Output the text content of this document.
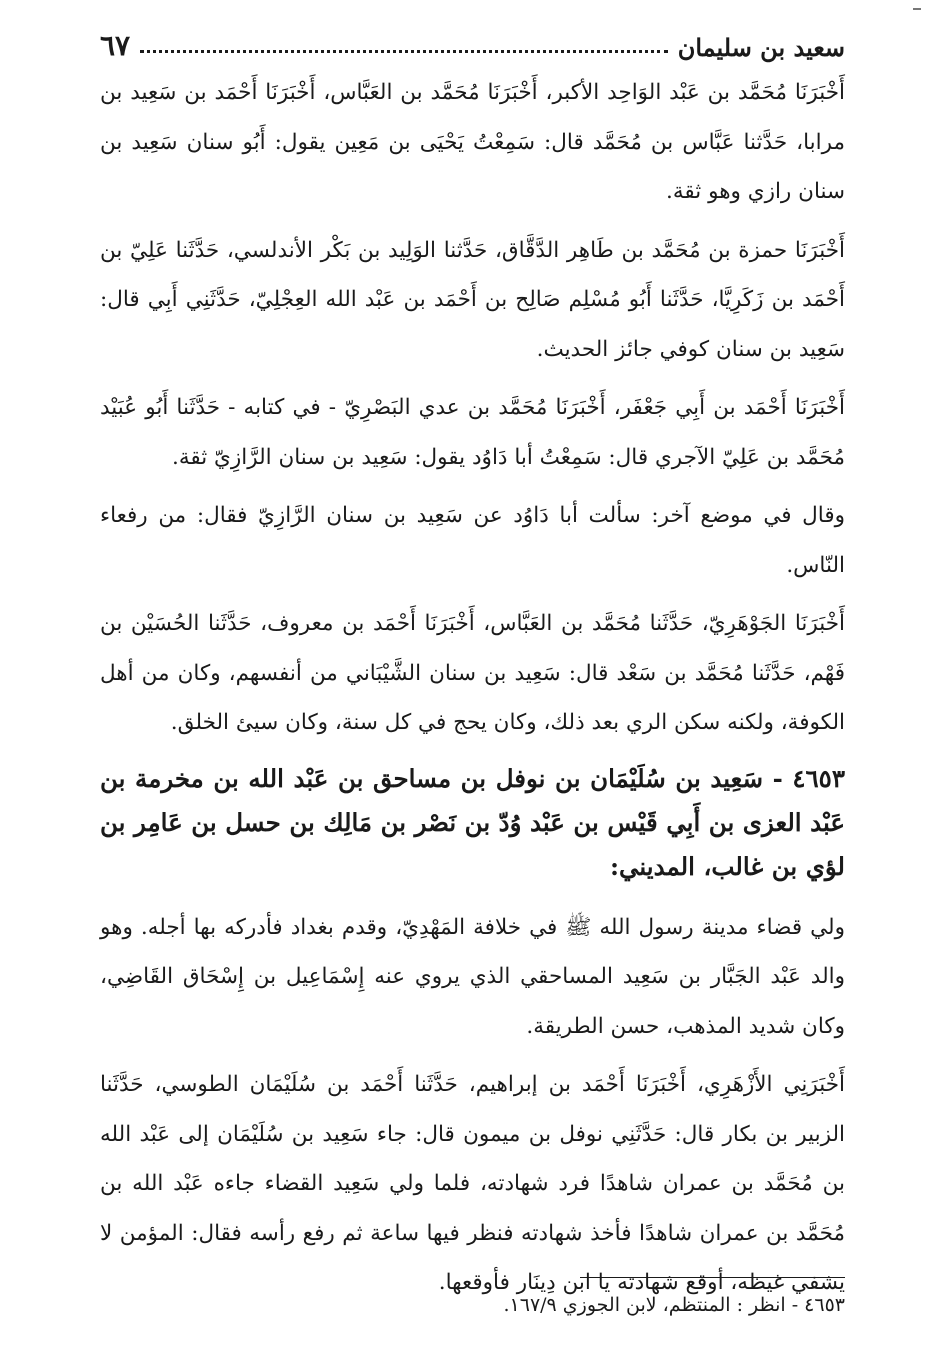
سعيد بن سليمان
٦٧

أَخْبَرَنَا مُحَمَّد بن عَبْد الوَاحِد الأكبر، أَخْبَرَنَا مُحَمَّد بن العَبَّاس، أَخْبَرَنَا أَحْمَد بن سَعِيد بن مرابا، حَدَّثنا عَبَّاس بن مُحَمَّد قال: سَمِعْتُ يَحْيَى بن مَعِين يقول: أَبُو سنان سَعِيد بن سنان رازي وهو ثقة.

أَخْبَرَنَا حمزة بن مُحَمَّد بن طَاهِر الدَّقَّاق، حَدَّثنا الوَلِيد بن بَكْر الأندلسي، حَدَّثَنا عَلِيّ بن أَحْمَد بن زَكَرِيَّا، حَدَّثَنا أَبُو مُسْلِم صَالِح بن أَحْمَد بن عَبْد الله العِجْلِيّ، حَدَّثَنِي أَبِي قال: سَعِيد بن سنان كوفي جائز الحديث.

أَخْبَرَنَا أَحْمَد بن أَبِي جَعْفَر، أَخْبَرَنَا مُحَمَّد بن عدي البَصْرِيّ - في كتابه - حَدَّثَنا أَبُو عُبَيْد مُحَمَّد بن عَلِيّ الآجري قال: سَمِعْتُ أبا دَاوُد يقول: سَعِيد بن سنان الرَّازِيّ ثقة.

وقال في موضع آخر: سألت أبا دَاوُد عن سَعِيد بن سنان الرَّازِيّ فقال: من رفعاء النّاس.

أَخْبَرَنَا الجَوْهَرِيّ، حَدَّثَنا مُحَمَّد بن العَبَّاس، أَخْبَرَنَا أَحْمَد بن معروف، حَدَّثَنا الحُسَيْن بن فَهْم، حَدَّثَنا مُحَمَّد بن سَعْد قال: سَعِيد بن سنان الشَّيْبَاني من أنفسهم، وكان من أهل الكوفة، ولكنه سكن الري بعد ذلك، وكان يحج في كل سنة، وكان سيئ الخلق.

٤٦٥٣ - سَعِيد بن سُلَيْمَان بن نوفل بن مساحق بن عَبْد الله بن مخرمة بن عَبْد العزى بن أَبِي قَيْس بن عَبْد وُدّ بن نَصْر بن مَالِك بن حسل بن عَامِر بن لؤي بن غالب، المديني:

ولي قضاء مدينة رسول الله ﷺ في خلافة المَهْدِيّ، وقدم بغداد فأدركه بها أجله. وهو والد عَبْد الجَبَّار بن سَعِيد المساحقي الذي يروي عنه إِسْمَاعِيل بن إِسْحَاق القَاضِي، وكان شديد المذهب، حسن الطريقة.

أَخْبَرَنِي الأَزْهَرِي، أَخْبَرَنَا أَحْمَد بن إبراهيم، حَدَّثَنا أَحْمَد بن سُلَيْمَان الطوسي، حَدَّثَنا الزبير بن بكار قال: حَدَّثَنِي نوفل بن ميمون قال: جاء سَعِيد بن سُلَيْمَان إلى عَبْد الله بن مُحَمَّد بن عمران شاهدًا فرد شهادته، فلما ولي سَعِيد القضاء جاءه عَبْد الله بن مُحَمَّد بن عمران شاهدًا فأخذ شهادته فنظر فيها ساعة ثم رفع رأسه فقال: المؤمن لا يشفي غيظه، أوقع شهادته يا ابن دِينَار فأوقعها.

٤٦٥٣ - انظر : المنتظم، لابن الجوزي ١٦٧/٩.
